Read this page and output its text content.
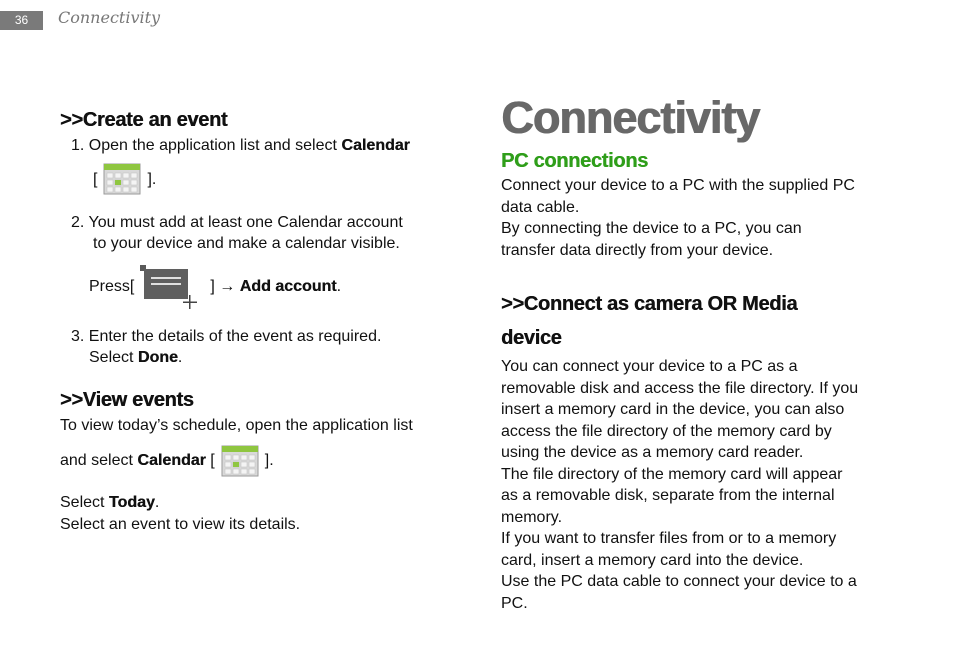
36	Connectivity
>>Create an event
1. Open the application list and select Calendar
[	].
2. You must add at least one Calendar account
to your device and make a calendar visible.
Press[	] → Add account.
3. Enter the details of the event as required.
Select Done.
>>View events
To view today’s schedule, open the application list
and select Calendar [	].
Select Today.
Select an event to view its details.
Connectivity
PC connections
Connect your device to a PC with the supplied PC
data cable.
By connecting the device to a PC, you can
transfer data directly from your device.
>>Connect as camera OR Media
device
You can connect your device to a PC as a
removable disk and access the file directory. If you
insert a memory card in the device, you can also
access the file directory of the memory card by
using the device as a memory card reader.
The file directory of the memory card will appear
as a removable disk, separate from the internal
memory.
If you want to transfer files from or to a memory
card, insert a memory card into the device.
Use the PC data cable to connect your device to a
PC.
